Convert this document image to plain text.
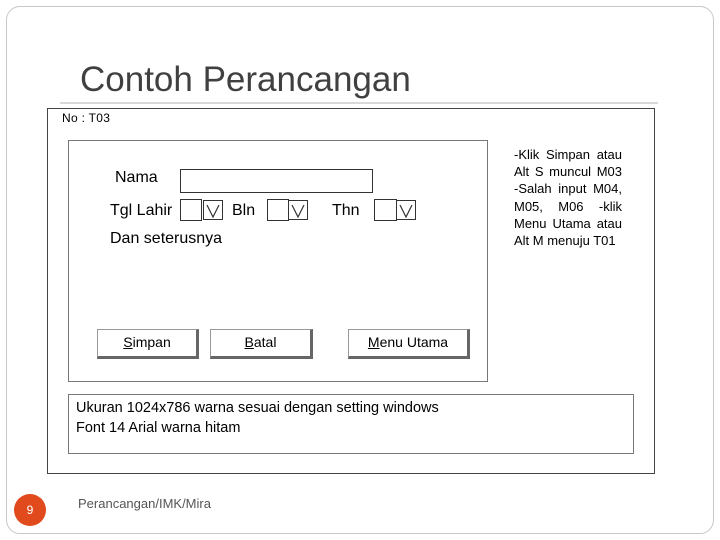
Contoh Perancangan
No : T03
Nama
Tgl Lahir	Bln	Thn
Dan seterusnya
S impan	B atal	M enu Utama
Ukuran 1024x786 warna sesuai dengan setting windows
Font 14 Arial warna hitam
-Klik Simpan atau Alt S muncul M03 -Salah input M04, M05, M06 -klik Menu Utama atau Alt M menuju T01
9	Perancangan/IMK/Mira
